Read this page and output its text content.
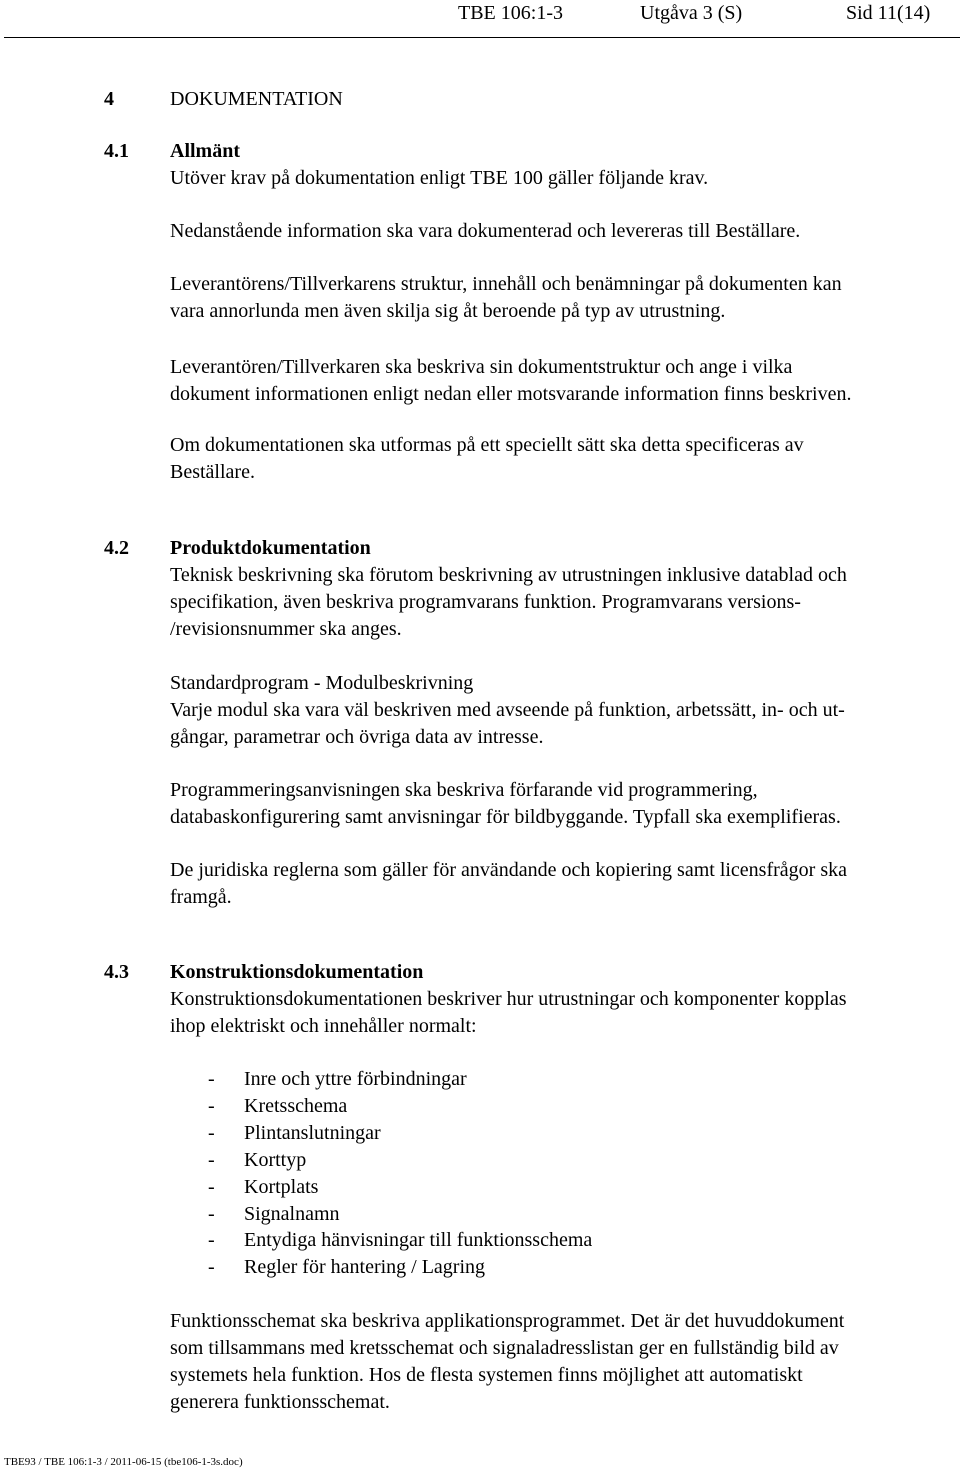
TBE 106:1-3	Utgåva 3 (S)	Sid 11(14)
4	DOKUMENTATION
4.1 Allmänt
Utöver krav på dokumentation enligt TBE 100 gäller följande krav.
Nedanstående information ska vara dokumenterad och levereras till Beställare.
Leverantörens/Tillverkarens struktur, innehåll och benämningar på dokumenten kan
vara annorlunda men även skilja sig åt beroende på typ av utrustning.
Leverantören/Tillverkaren ska beskriva sin dokumentstruktur och ange i vilka
dokument informationen enligt nedan eller motsvarande information finns beskriven.
Om dokumentationen ska utformas på ett speciellt sätt ska detta specificeras av
Beställare.
4.2 Produktdokumentation
Teknisk beskrivning ska förutom beskrivning av utrustningen inklusive datablad och
specifikation, även beskriva programvarans funktion. Programvarans versions-
/revisionsnummer ska anges.
Standardprogram - Modulbeskrivning
Varje modul ska vara väl beskriven med avseende på funktion, arbetssätt, in- och ut-
gångar, parametrar och övriga data av intresse.
Programmeringsanvisningen ska beskriva förfarande vid programmering,
databaskonfigurering samt anvisningar för bildbyggande. Typfall ska exemplifieras.
De juridiska reglerna som gäller för användande och kopiering samt licensfrågor ska
framgå.
4.3 Konstruktionsdokumentation
Konstruktionsdokumentationen beskriver hur utrustningar och komponenter kopplas
ihop elektriskt och innehåller normalt:
- Inre och yttre förbindningar
- Kretsschema
- Plintanslutningar
- Korttyp
- Kortplats
- Signalnamn
- Entydiga hänvisningar till funktionsschema
- Regler för hantering / Lagring
Funktionsschemat ska beskriva applikationsprogrammet. Det är det huvuddokument
som tillsammans med kretsschemat och signaladresslistan ger en fullständig bild av
systemets hela funktion. Hos de flesta systemen finns möjlighet att automatiskt
generera funktionsschemat.
TBE93 / TBE 106:1-3 / 2011-06-15 (tbe106-1-3s.doc)
